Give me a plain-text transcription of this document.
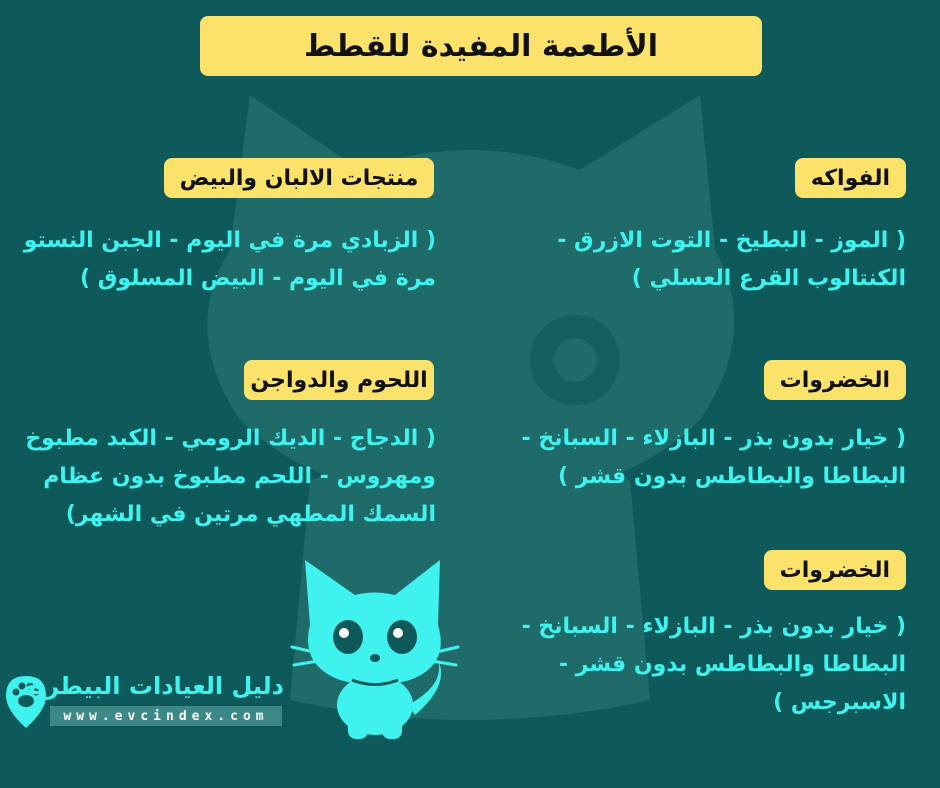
الأطعمة المفيدة للقطط
الفواكه

( الموز - البطيخ - التوت الازرق - الكنتالوب القرع العسلي )

منتجات الالبان والبيض

( الزبادي مرة في اليوم - الجبن النستو مرة في اليوم - البيض المسلوق )

الخضروات

( خيار بدون بذر - البازلاء - السبانخ - البطاطا والبطاطس بدون قشر )

اللحوم والدواجن

( الدجاج - الديك الرومي - الكبد مطبوخ ومهروس - اللحم مطبوخ بدون عظام السمك المطهي مرتين في الشهر)

الخضروات

( خيار بدون بذر - البازلاء - السبانخ - البطاطا والبطاطس بدون قشر - الاسبرجس )

دليل العيادات البيطرية
www.evcindex.com
